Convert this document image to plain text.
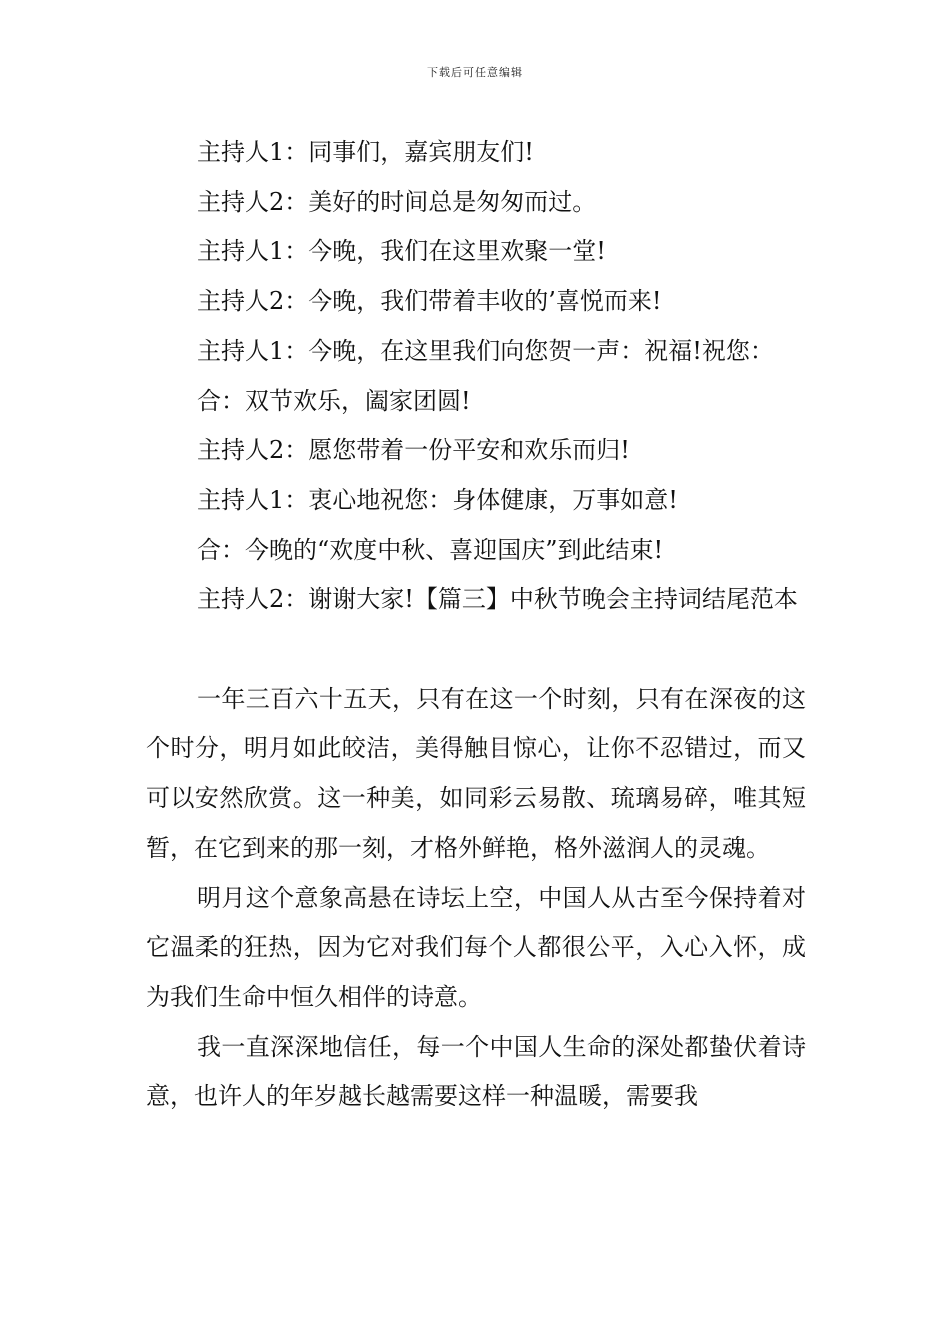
下载后可任意编辑

主持人1：同事们，嘉宾朋友们!

主持人2：美好的时间总是匆匆而过。

主持人1：今晚，我们在这里欢聚一堂!

主持人2：今晚，我们带着丰收的’喜悦而来!

主持人1：今晚，在这里我们向您贺一声：祝福!祝您：

合：双节欢乐，阖家团圆!

主持人2：愿您带着一份平安和欢乐而归!

主持人1：衷心地祝您：身体健康，万事如意!

合：今晚的“欢度中秋、喜迎国庆”到此结束!

主持人2：谢谢大家!【篇三】中秋节晚会主持词结尾范本

一年三百六十五天，只有在这一个时刻，只有在深夜的这个时分，明月如此皎洁，美得触目惊心，让你不忍错过，而又可以安然欣赏。这一种美，如同彩云易散、琉璃易碎，唯其短暂，在它到来的那一刻，才格外鲜艳，格外滋润人的灵魂。

明月这个意象高悬在诗坛上空，中国人从古至今保持着对它温柔的狂热，因为它对我们每个人都很公平，入心入怀，成为我们生命中恒久相伴的诗意。

我一直深深地信任，每一个中国人生命的深处都蛰伏着诗意，也许人的年岁越长越需要这样一种温暖，需要我
